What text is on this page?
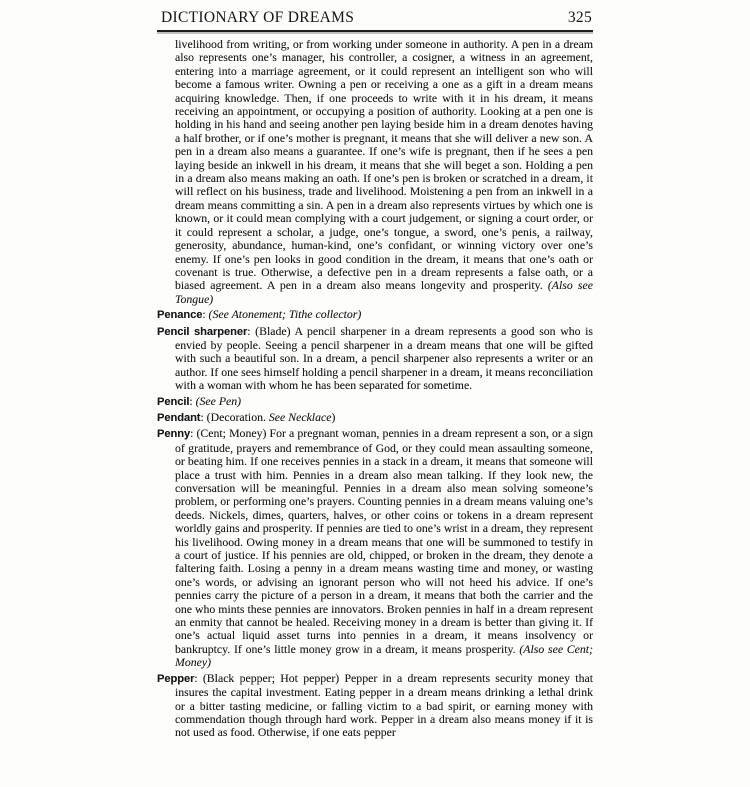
DICTIONARY OF DREAMS	325

livelihood from writing, or from working under someone in authority. A pen in a dream also represents one’s manager, his controller, a cosigner, a witness in an agreement, entering into a marriage agreement, or it could represent an intelligent son who will become a famous writer. Owning a pen or receiving a one as a gift in a dream means acquiring knowledge. Then, if one proceeds to write with it in his dream, it means receiving an appointment, or occupying a position of authority. Looking at a pen one is holding in his hand and seeing another pen laying beside him in a dream denotes having a half brother, or if one’s mother is pregnant, it means that she will deliver a new son. A pen in a dream also means a guarantee. If one’s wife is pregnant, then if he sees a pen laying beside an inkwell in his dream, it means that she will beget a son. Holding a pen in a dream also means making an oath. If one’s pen is broken or scratched in a dream, it will reflect on his business, trade and livelihood. Moistening a pen from an inkwell in a dream means committing a sin. A pen in a dream also represents virtues by which one is known, or it could mean complying with a court judgement, or signing a court order, or it could represent a scholar, a judge, one’s tongue, a sword, one’s penis, a railway, generosity, abundance, human-kind, one’s confidant, or winning victory over one’s enemy. If one’s pen looks in good condition in the dream, it means that one’s oath or covenant is true. Otherwise, a defective pen in a dream represents a false oath, or a biased agreement. A pen in a dream also means longevity and prosperity. (Also see Tongue)

Penance: (See Atonement; Tithe collector)

Pencil sharpener: (Blade) A pencil sharpener in a dream represents a good son who is envied by people. Seeing a pencil sharpener in a dream means that one will be gifted with such a beautiful son. In a dream, a pencil sharpener also represents a writer or an author. If one sees himself holding a pencil sharpener in a dream, it means reconciliation with a woman with whom he has been separated for sometime.

Pencil: (See Pen)

Pendant: (Decoration. See Necklace)

Penny: (Cent; Money) For a pregnant woman, pennies in a dream represent a son, or a sign of gratitude, prayers and remembrance of God, or they could mean assaulting someone, or beating him. If one receives pennies in a stack in a dream, it means that someone will place a trust with him. Pennies in a dream also mean talking. If they look new, the conversation will be meaningful. Pennies in a dream also mean solving someone’s problem, or performing one’s prayers. Counting pennies in a dream means valuing one’s deeds. Nickels, dimes, quarters, halves, or other coins or tokens in a dream represent worldly gains and prosperity. If pennies are tied to one’s wrist in a dream, they represent his livelihood. Owing money in a dream means that one will be summoned to testify in a court of justice. If his pennies are old, chipped, or broken in the dream, they denote a faltering faith. Losing a penny in a dream means wasting time and money, or wasting one’s words, or advising an ignorant person who will not heed his advice. If one’s pennies carry the picture of a person in a dream, it means that both the carrier and the one who mints these pennies are innovators. Broken pennies in half in a dream represent an enmity that cannot be healed. Receiving money in a dream is better than giving it. If one’s actual liquid asset turns into pennies in a dream, it means insolvency or bankruptcy. If one’s little money grow in a dream, it means prosperity. (Also see Cent; Money)

Pepper: (Black pepper; Hot pepper) Pepper in a dream represents security money that insures the capital investment. Eating pepper in a dream means drinking a lethal drink or a bitter tasting medicine, or falling victim to a bad spirit, or earning money with commendation though through hard work. Pepper in a dream also means money if it is not used as food. Otherwise, if one eats pepper
